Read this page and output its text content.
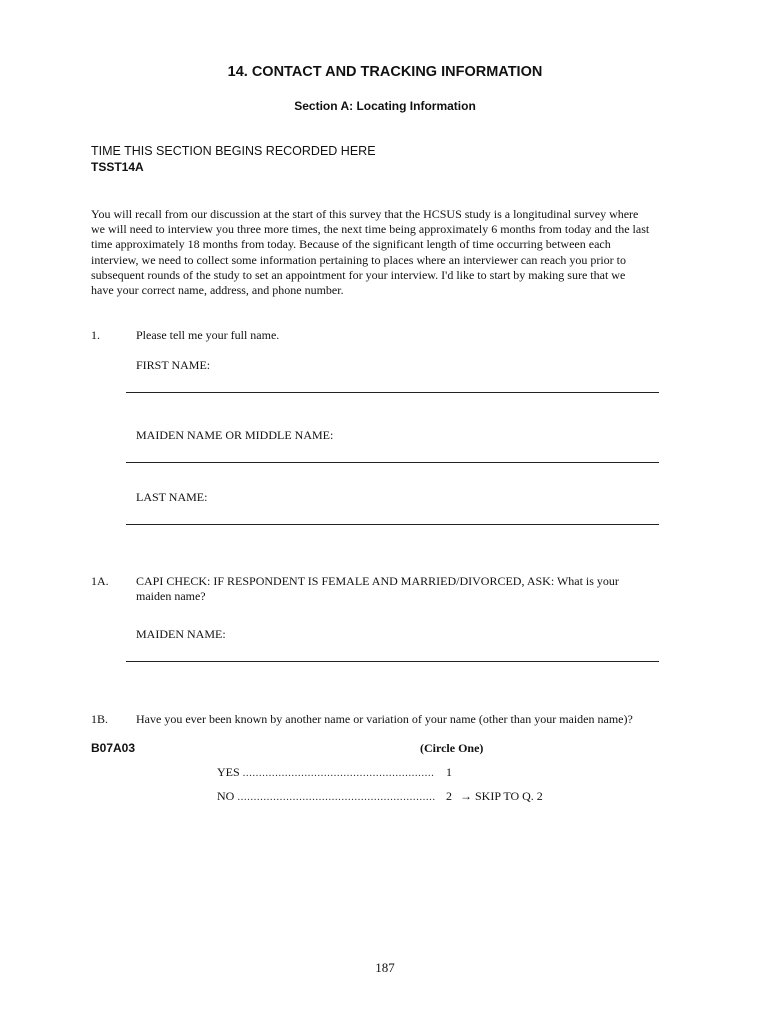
14. CONTACT AND TRACKING INFORMATION
Section A: Locating Information
TIME THIS SECTION BEGINS RECORDED HERE
TSST14A
You will recall from our discussion at the start of this survey that the HCSUS study is a longitudinal survey where
we will need to interview you three more times, the next time being approximately 6 months from today and the last
time approximately 18 months from today. Because of the significant length of time occurring between each
interview, we need to collect some information pertaining to places where an interviewer can reach you prior to
subsequent rounds of the study to set an appointment for your interview. I'd like to start by making sure that we
have your correct name, address, and phone number.
1.	Please tell me your full name.
FIRST NAME:
MAIDEN NAME OR MIDDLE NAME:
LAST NAME:
1A. CAPI CHECK: IF RESPONDENT IS FEMALE AND MARRIED/DIVORCED, ASK: What is your
maiden name?
MAIDEN NAME:
1B. Have you ever been known by another name or variation of your name (other than your maiden name)?
B07A03	(Circle One)
YES ........................................................... 1
NO ............................................................. 2 → SKIP TO Q. 2
187
